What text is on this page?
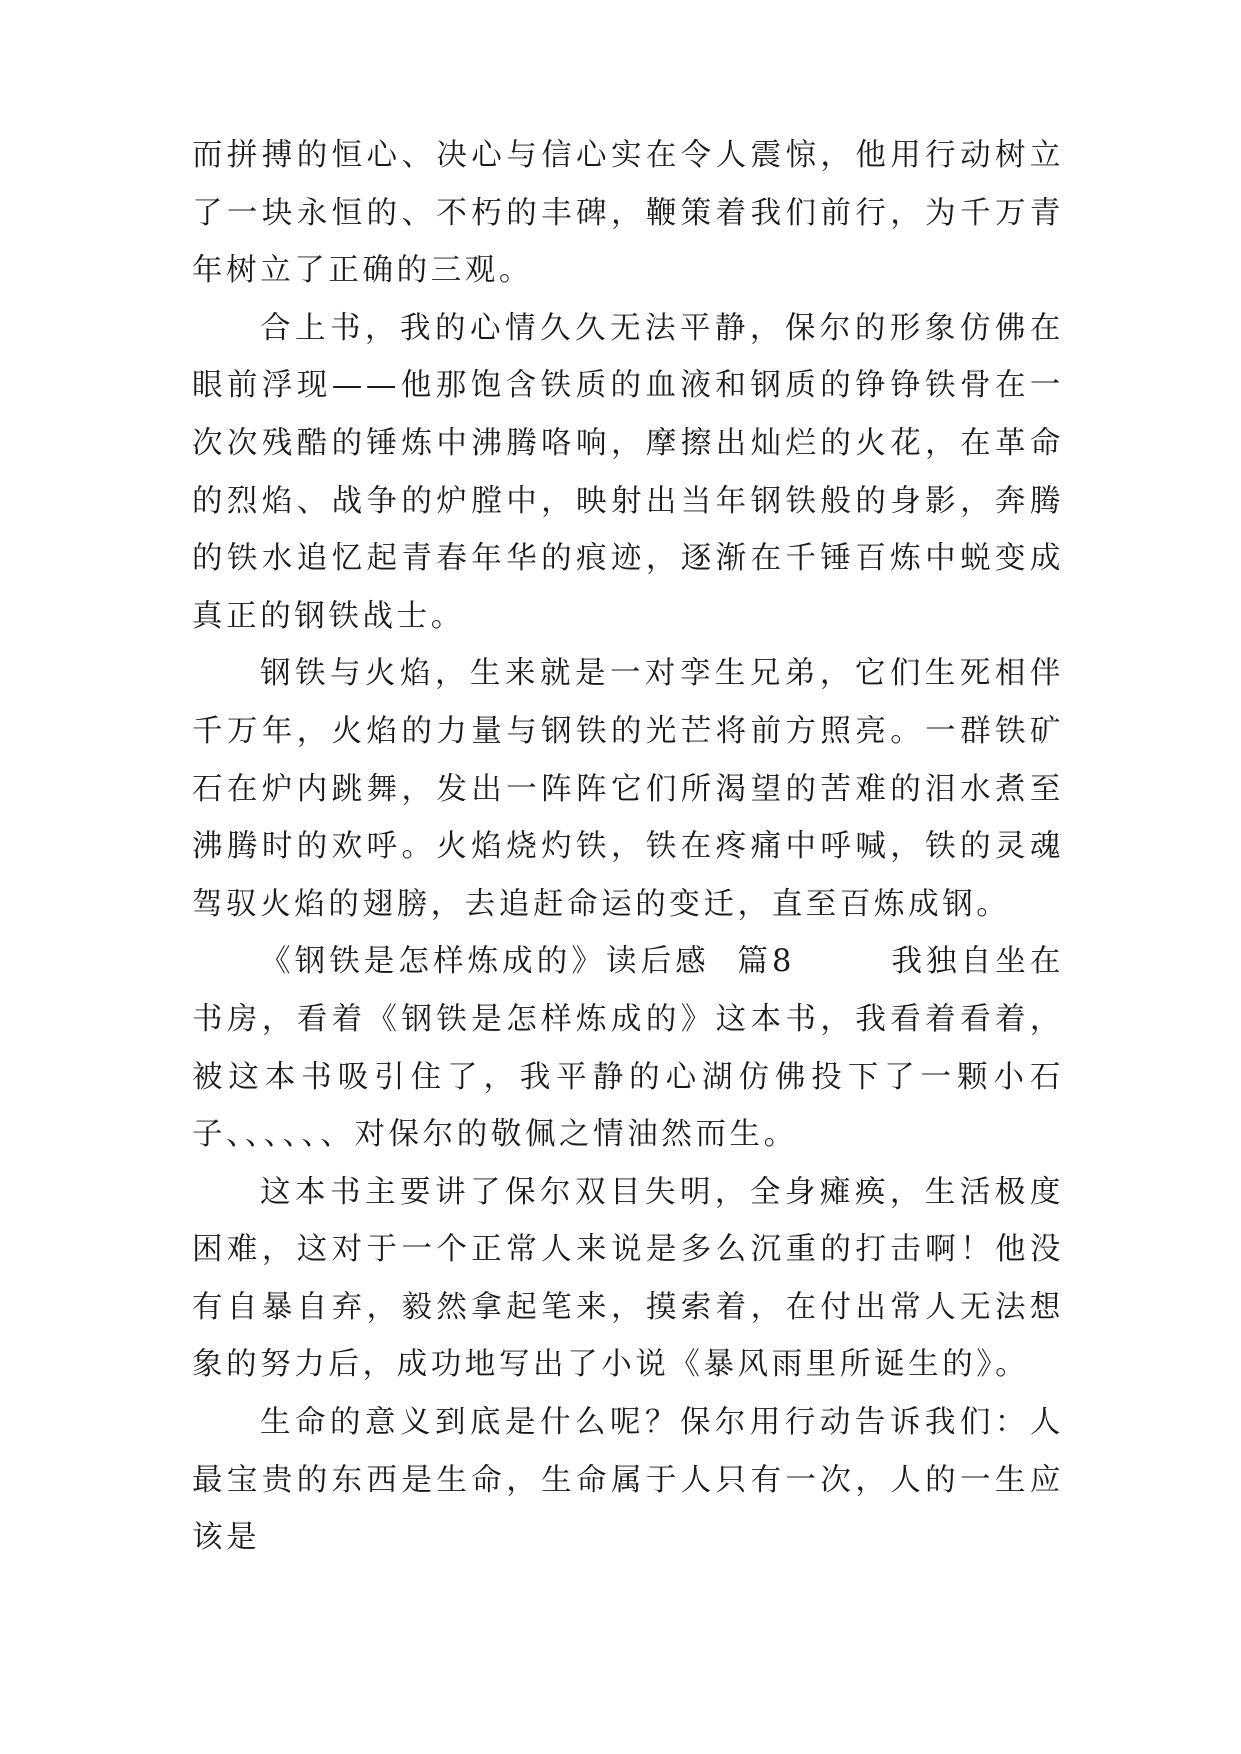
而拼搏的恒心、决心与信心实在令人震惊，他用行动树立了一块永恒的、不朽的丰碑，鞭策着我们前行，为千万青年树立了正确的三观。

合上书，我的心情久久无法平静，保尔的形象仿佛在眼前浮现——他那饱含铁质的血液和钢质的铮铮铁骨在一次次残酷的锤炼中沸腾咯响，摩擦出灿烂的火花，在革命的烈焰、战争的炉膛中，映射出当年钢铁般的身影，奔腾的铁水追忆起青春年华的痕迹，逐渐在千锤百炼中蜕变成真正的钢铁战士。

钢铁与火焰，生来就是一对孪生兄弟，它们生死相伴千万年，火焰的力量与钢铁的光芒将前方照亮。一群铁矿石在炉内跳舞，发出一阵阵它们所渴望的苦难的泪水煮至沸腾时的欢呼。火焰烧灼铁，铁在疼痛中呼喊，铁的灵魂驾驭火焰的翅膀，去追赶命运的变迁，直至百炼成钢。

《钢铁是怎样炼成的》读后感  篇8       我独自坐在书房，看着《钢铁是怎样炼成的》这本书，我看着看着，被这本书吸引住了，我平静的心湖仿佛投下了一颗小石子、、、、、、对保尔的敬佩之情油然而生。

这本书主要讲了保尔双目失明，全身瘫痪，生活极度困难，这对于一个正常人来说是多么沉重的打击啊！他没有自暴自弃，毅然拿起笔来，摸索着，在付出常人无法想象的努力后，成功地写出了小说《暴风雨里所诞生的》。

生命的意义到底是什么呢？保尔用行动告诉我们：人最宝贵的东西是生命，生命属于人只有一次，人的一生应该是
